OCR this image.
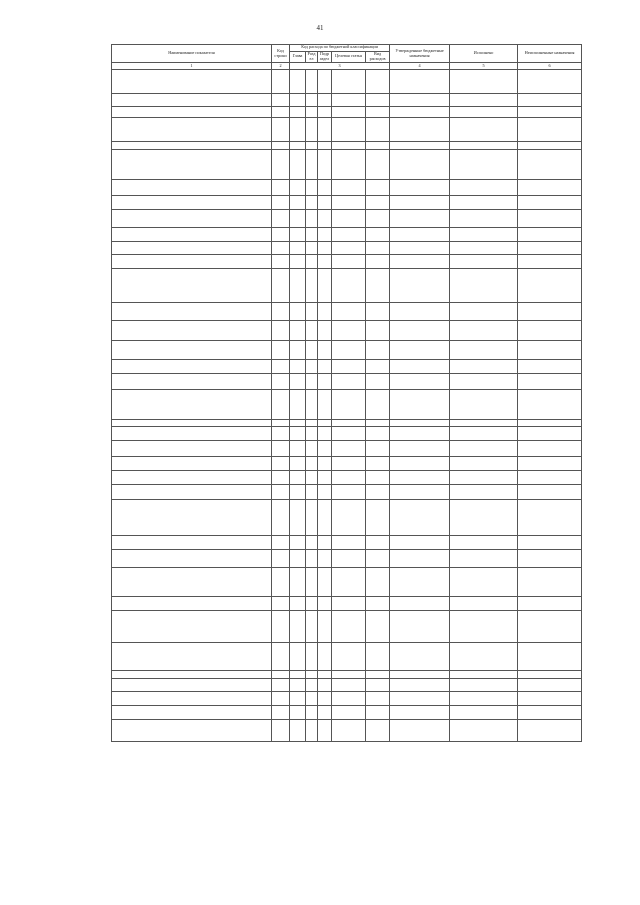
41
Наименование показателя	Код строки	Код расхода по бюджетной классификации					Утвержденные бюджетные назначения	Исполнено	Неисполненные назначения
		Глава	Раздел	Подраздел	Целевая статья	Вид расходов			
1	2	3					4	5	6
